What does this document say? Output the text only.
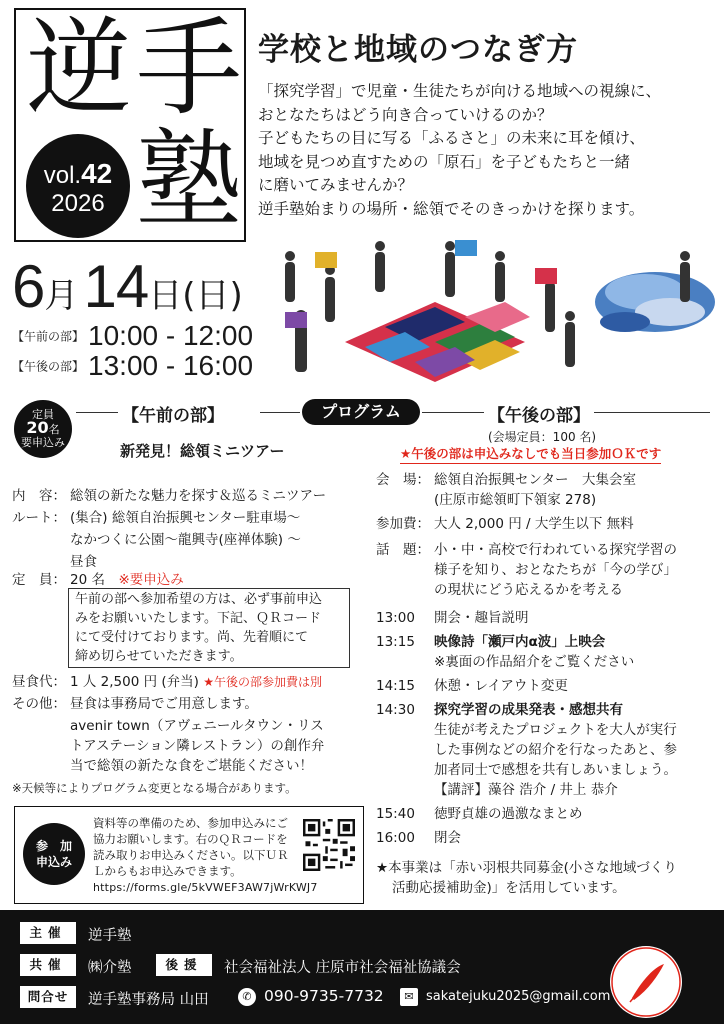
逆 手
塾
vol.42
2026
学校と地域のつなぎ方
「探究学習」で児童・生徒たちが向ける地域への視線に、
おとなたちはどう向き合っていけるのか？
子どもたちの目に写る「ふるさと」の未来に耳を傾け、
地域を見つめ直すための「原石」を子どもたちと一緒
に磨いてみませんか？
逆手塾始まりの場所・総領でそのきっかけを探ります。
6月 14日(日)
【午前の部】 10:00 - 12:00
【午後の部】 13:00 - 16:00
定員
20名
要申込み
【午前の部】	プログラム	【午後の部】
新発見！総領ミニツアー
(会場定員：100 名)
★午後の部は申込みなしでも当日参加ＯＫです
内　容： 総領の新たな魅力を探す＆巡るミニツアー
ルート： (集合) 総領自治振興センター駐車場～
なかつくに公園～龍興寺(座禅体験) ～
昼食
定　員： 20 名　 ※要申込み
午前の部へ参加希望の方は、必ず事前申込
みをお願いいたします。下記、ＱＲコード
にて受付けております。尚、先着順にて
締め切らせていただきます。
昼食代： 1 人 2,500 円 (弁当) ★午後の部参加費は別
その他： 昼食は事務局でご用意します。
avenir town（アヴェニールタウン・リス
トアステーション隣レストラン）の創作弁
当で総領の新たな食をご堪能ください！
※天候等によりプログラム変更となる場合があります。
参　加
申込み
資料等の準備のため、参加申込みにご協力お願いします。右のＱＲコードを読み取りお申込みください。以下ＵＲＬからもお申込みできます。
https://forms.gle/5kVWEF3AW7jWrKWJ7
会　場： 総領自治振興センター　大集会室
(庄原市総領町下領家 278)
参加費： 大人 2,000 円 / 大学生以下 無料
話　題： 小・中・高校で行われている探究学習の
様子を知り、おとなたちが「今の学び」
の現状にどう応えるかを考える
13:00 開会・趣旨説明
13:15 映像詩「瀬戸内α波」上映会
※裏面の作品紹介をご覧ください
14:15 休憩・レイアウト変更
14:30 探究学習の成果発表・感想共有
生徒が考えたプロジェクトを大人が実行
した事例などの紹介を行なったあと、参
加者同士で感想を共有しあいましょう。
【講評】藻谷 浩介 / 井上 恭介
15:40 徳野貞雄の過激なまとめ
16:00 閉会
★本事業は「赤い羽根共同募金(小さな地域づくり
活動応援補助金)」を活用しています。
主催	逆手塾
共催	㈱介塾	後援	社会福祉法人 庄原市社会福祉協議会
問合せ	逆手塾事務局 山田	✆ 090-9735-7732	✉ sakatejuku2025@gmail.com
